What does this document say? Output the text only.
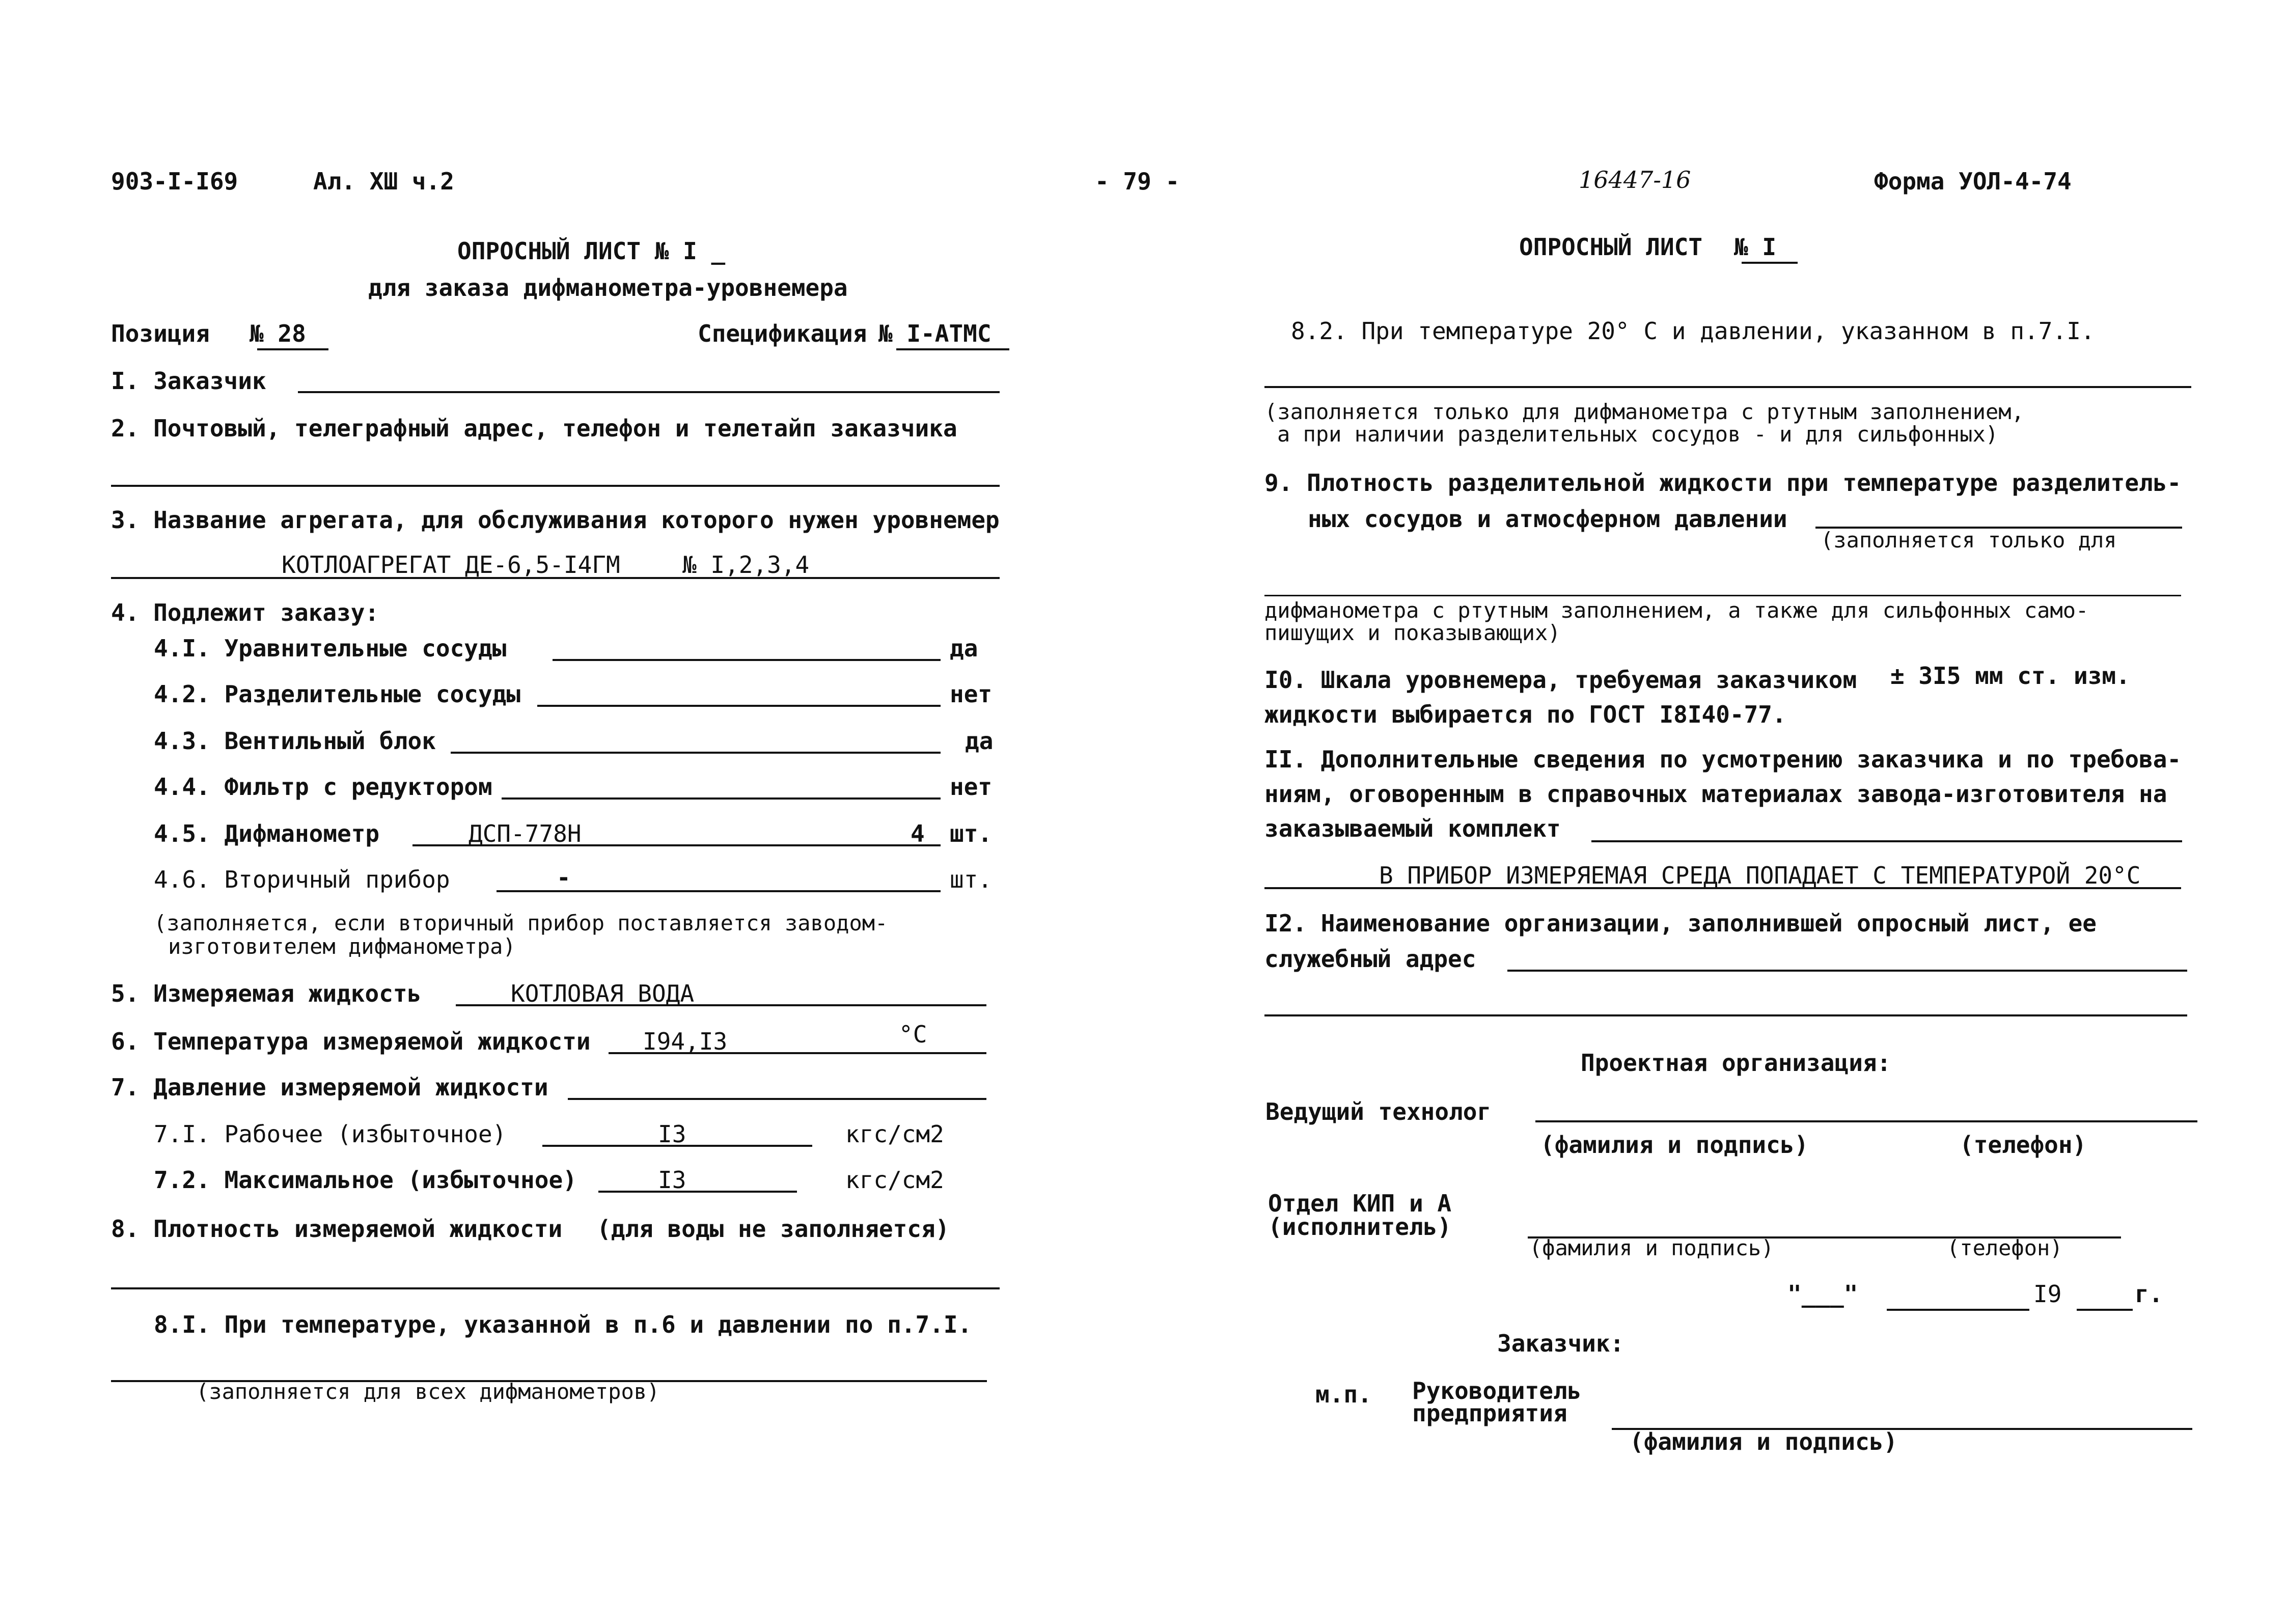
903-I-I69	Ал. ХШ ч.2	- 79 -	16447-16	Форма УОЛ-4-74
ОПРОСНЫЙ ЛИСТ № I _
для заказа дифманометра-уровнемера
Позиция № 28	Спецификация № I-АТМС
I. Заказчик
2. Почтовый, телеграфный адрес, телефон и телетайп заказчика
3. Название агрегата, для обслуживания которого нужен уровнемер
КОТЛОАГРЕГАТ ДЕ-6,5-I4ГМ	№ I,2,3,4
4. Подлежит заказу:
4.I. Уравнительные сосуды	да
4.2. Разделительные сосуды	нет
4.3. Вентильный блок	да
4.4. Фильтр с редуктором	нет
4.5. Дифманометр	ДСП-778Н	4 шт.
4.6. Вторичный прибор	-	шт.
(заполняется, если вторичный прибор поставляется заводом-
изготовителем дифманометра)
5. Измеряемая жидкость	КОТЛОВАЯ ВОДА
6. Температура измеряемой жидкости I94,I3	°С
7. Давление измеряемой жидкости
7.I. Рабочее (избыточное)	I3	кгс/см2
7.2. Максимальное (избыточное)	I3	кгс/см2
8. Плотность измеряемой жидкости (для воды не заполняется)
8.I. При температуре, указанной в п.6 и давлении по п.7.I.
(заполняется для всех дифманометров)
ОПРОСНЫЙ ЛИСТ № I
8.2. При температуре 20° С и давлении, указанном в п.7.I.
(заполняется только для дифманометра с ртутным заполнением,
а при наличии разделительных сосудов - и для сильфонных)
9. Плотность разделительной жидкости при температуре разделитель-
ных сосудов и атмосферном давлении
(заполняется только для
дифманометра с ртутным заполнением, а также для сильфонных само-
пишущих и показывающих)
I0. Шкала уровнемера, требуемая заказчиком ± 3I5 мм ст. изм.
жидкости выбирается по ГОСТ I8I40-77.
II. Дополнительные сведения по усмотрению заказчика и по требова-
ниям, оговоренным в справочных материалах завода-изготовителя на
заказываемый комплект
В ПРИБОР ИЗМЕРЯЕМАЯ СРЕДА ПОПАДАЕТ С ТЕМПЕРАТУРОЙ 20°С
I2. Наименование организации, заполнившей опросный лист, ее
служебный адрес
Проектная организация:
Ведущий технолог
(фамилия и подпись)	(телефон)
Отдел КИП и А
(исполнитель)
(фамилия и подпись)	(телефон)
"___"	I9	г.
Заказчик:
м.п. Руководитель
предприятия
(фамилия и подпись)
